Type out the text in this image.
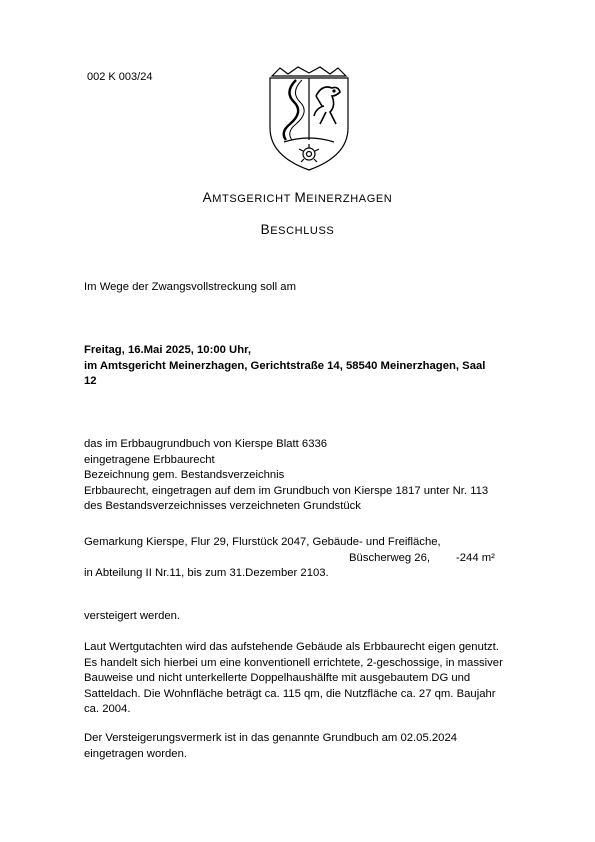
002 K 003/24
AMTSGERICHT MEINERZHAGEN
BESCHLUSS
Im Wege der Zwangsvollstreckung soll am
Freitag, 16.Mai 2025, 10:00 Uhr,
im Amtsgericht Meinerzhagen, Gerichtstraße 14, 58540 Meinerzhagen, Saal
12
das im Erbbaugrundbuch von Kierspe Blatt 6336
eingetragene Erbbaurecht
Bezeichnung gem. Bestandsverzeichnis
Erbbaurecht, eingetragen auf dem im Grundbuch von Kierspe 1817 unter Nr. 113
des Bestandsverzeichnisses verzeichneten Grundstück
Gemarkung Kierspe, Flur 29, Flurstück 2047, Gebäude- und Freifläche,
Büscherweg 26, -244 m²
in Abteilung II Nr.11, bis zum 31.Dezember 2103.
versteigert werden.
Laut Wertgutachten wird das aufstehende Gebäude als Erbbaurecht eigen genutzt.
Es handelt sich hierbei um eine konventionell errichtete, 2-geschossige, in massiver
Bauweise und nicht unterkellerte Doppelhaushälfte mit ausgebautem DG und
Satteldach. Die Wohnfläche beträgt ca. 115 qm, die Nutzfläche ca. 27 qm. Baujahr
ca. 2004.
Der Versteigerungsvermerk ist in das genannte Grundbuch am 02.05.2024
eingetragen worden.
